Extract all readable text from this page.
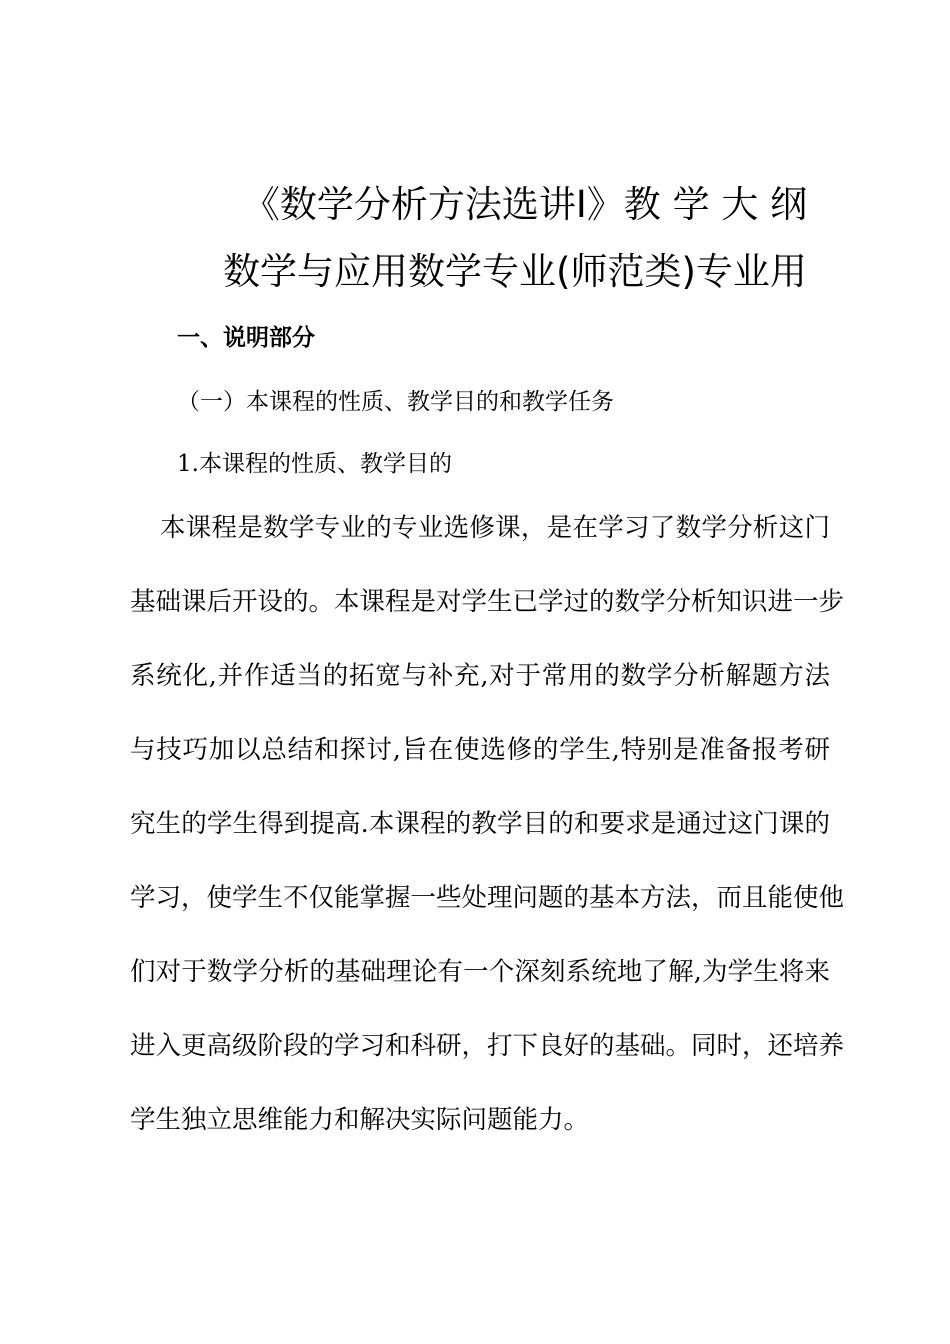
《数学分析方法选讲Ⅰ》教 学 大 纲
数学与应用数学专业(师范类)专业用
一、说明部分
（一）本课程的性质、教学目的和教学任务
1.本课程的性质、教学目的
本课程是数学专业的专业选修课，是在学习了数学分析这门
基础课后开设的。本课程是对学生已学过的数学分析知识进一步
系统化,并作适当的拓宽与补充,对于常用的数学分析解题方法
与技巧加以总结和探讨,旨在使选修的学生,特别是准备报考研
究生的学生得到提高.本课程的教学目的和要求是通过这门课的
学习，使学生不仅能掌握一些处理问题的基本方法，而且能使他
们对于数学分析的基础理论有一个深刻系统地了解,为学生将来
进入更高级阶段的学习和科研，打下良好的基础。同时，还培养
学生独立思维能力和解决实际问题能力。
